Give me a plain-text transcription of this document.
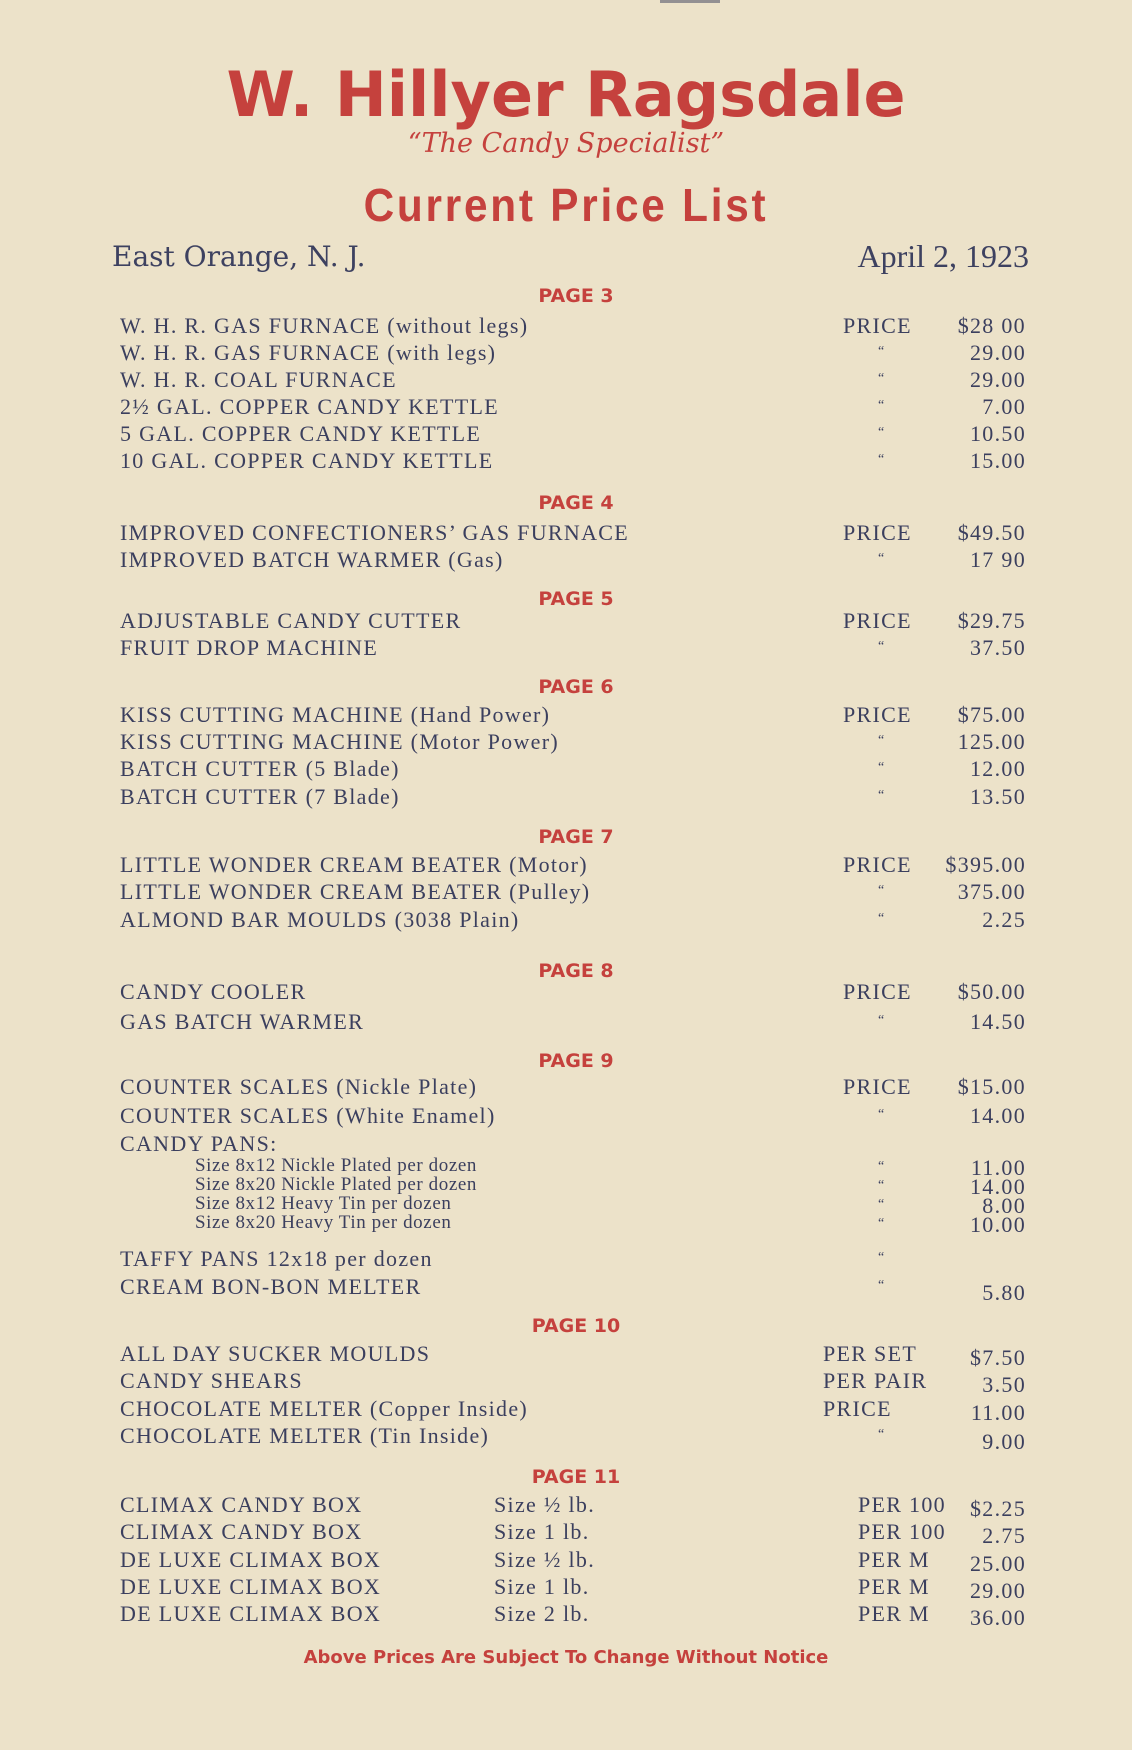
W. Hillyer Ragsdale
“The Candy Specialist”
Current Price List
East Orange, N. J.	April 2, 1923
PAGE 3
W. H. R. GAS FURNACE (without legs)	PRICE $28 00
W. H. R. GAS FURNACE (with legs)	“	29.00
W. H. R. COAL FURNACE	“	29.00
2½ GAL. COPPER CANDY KETTLE	“	7.00
5 GAL. COPPER CANDY KETTLE	“	10.50
10 GAL. COPPER CANDY KETTLE	“	15.00
PAGE 4
IMPROVED CONFECTIONERS’ GAS FURNACE	PRICE $49.50
IMPROVED BATCH WARMER (Gas)	“	17 90
PAGE 5
ADJUSTABLE CANDY CUTTER	PRICE $29.75
FRUIT DROP MACHINE	“	37.50
PAGE 6
KISS CUTTING MACHINE (Hand Power)	PRICE $75.00
KISS CUTTING MACHINE (Motor Power)	“	125.00
BATCH CUTTER (5 Blade)	“	12.00
BATCH CUTTER (7 Blade)	“	13.50
PAGE 7
LITTLE WONDER CREAM BEATER (Motor)	PRICE $395.00
LITTLE WONDER CREAM BEATER (Pulley)	“	375.00
ALMOND BAR MOULDS (3038 Plain)	“	2.25
PAGE 8
CANDY COOLER	PRICE $50.00
GAS BATCH WARMER	“	14.50
PAGE 9
COUNTER SCALES (Nickle Plate)	PRICE $15.00
COUNTER SCALES (White Enamel)	“	14.00
CANDY PANS:
Size 8x12 Nickle Plated per dozen	“	11.00
Size 8x20 Nickle Plated per dozen	“	14.00
Size 8x12 Heavy Tin per dozen	“	8.00
Size 8x20 Heavy Tin per dozen	“	10.00
TAFFY PANS 12x18 per dozen	“
CREAM BON-BON MELTER	“	5.80
PAGE 10
ALL DAY SUCKER MOULDS	PER SET $7.50
CANDY SHEARS	PER PAIR 3.50
CHOCOLATE MELTER (Copper Inside)	PRICE	11.00
CHOCOLATE MELTER (Tin Inside)	“	9.00
PAGE 11
CLIMAX CANDY BOX	Size ½ lb.	PER 100 $2.25
CLIMAX CANDY BOX	Size 1 lb.	PER 100 2.75
DE LUXE CLIMAX BOX	Size ½ lb.	PER M 25.00
DE LUXE CLIMAX BOX	Size 1 lb.	PER M 29.00
DE LUXE CLIMAX BOX	Size 2 lb.	PER M 36.00
Above Prices Are Subject To Change Without Notice
